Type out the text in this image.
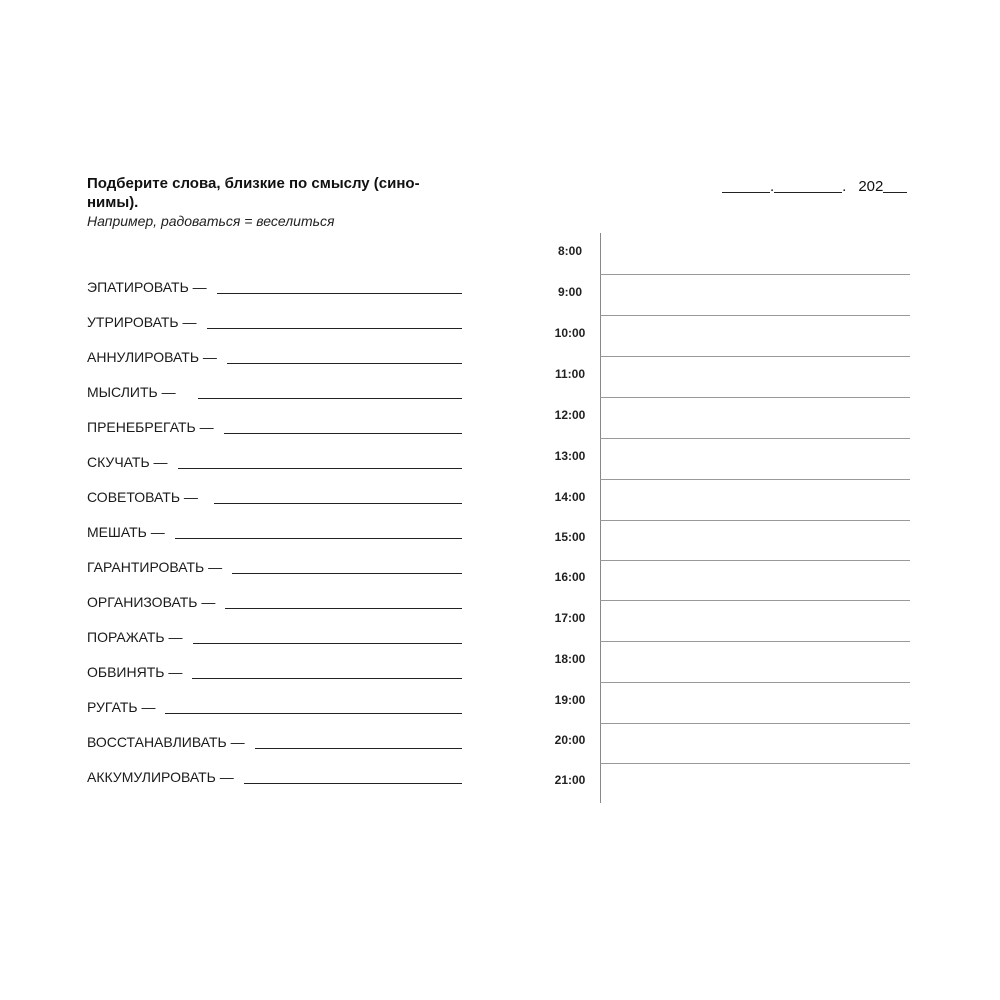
Подберите слова, близкие по смыслу (сино-
нимы).
Например, радоваться = веселиться
ЭПАТИРОВАТЬ —
УТРИРОВАТЬ —
АННУЛИРОВАТЬ —
МЫСЛИТЬ —
ПРЕНЕБРЕГАТЬ —
СКУЧАТЬ —
СОВЕТОВАТЬ —
МЕШАТЬ —
ГАРАНТИРОВАТЬ —
ОРГАНИЗОВАТЬ —
ПОРАЖАТЬ —
ОБВИНЯТЬ —
РУГАТЬ —
ВОССТАНАВЛИВАТЬ —
АККУМУЛИРОВАТЬ —
.	. 202
8:00
9:00
10:00
11:00
12:00
13:00
14:00
15:00
16:00
17:00
18:00
19:00
20:00
21:00
